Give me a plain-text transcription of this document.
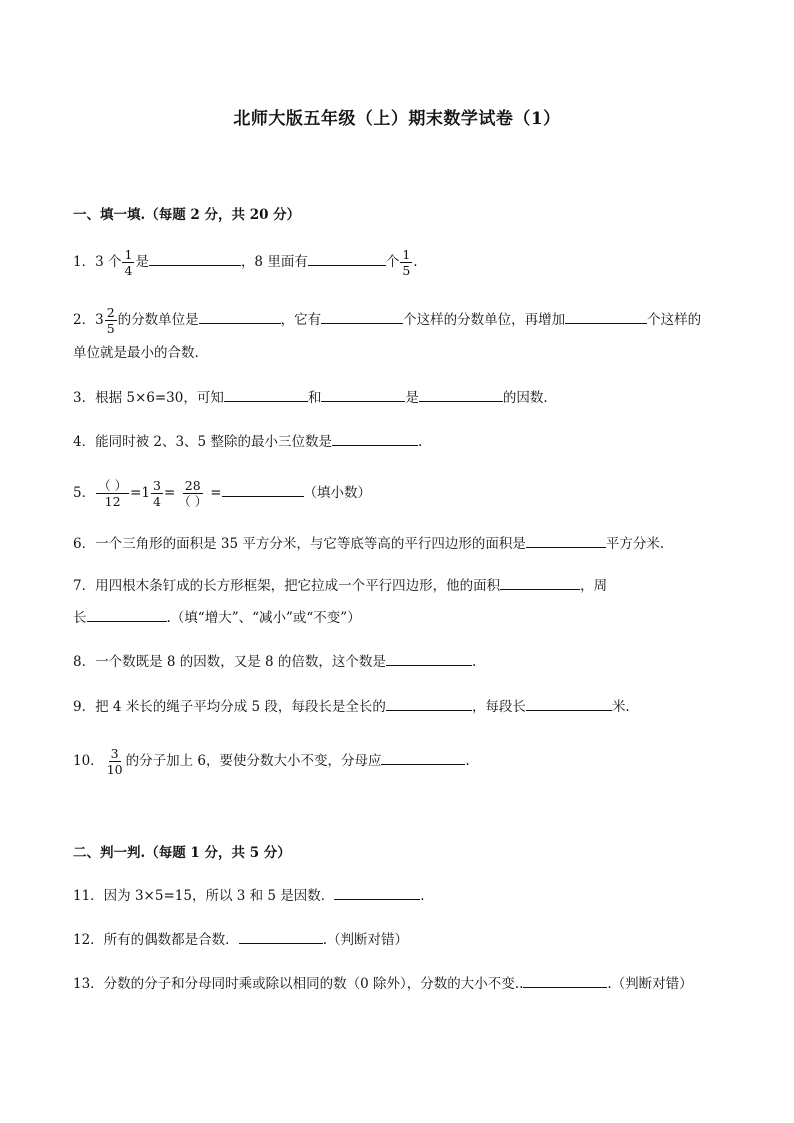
北师大版五年级（上）期末数学试卷（1）
一、填一填.（每题 2 分，共 20 分）
1．3 个 $\frac{1}{4}$ 是	，8 里面有	个 $\frac{1}{5}$ .
2．$3 \frac{2}{5}$ 的分数单位是	，它有	个这样的分数单位，再增加	个这样的
单位就是最小的合数.
3．根据 5×6=30，可知	和	是	的因数.
4．能同时被 2、3、5 整除的最小三位数是	.
5． $\frac{( )}{12} =1 \frac{3}{4} = \frac{28}{( )}$ =	（填小数）
6．一个三角形的面积是 35 平方分米，与它等底等高的平行四边形的面积是	平方分米.
7．用四根木条钉成的长方形框架，把它拉成一个平行四边形，他的面积	，周
长	.（填“增大”、“减小”或“不变”）
8．一个数既是 8 的因数，又是 8 的倍数，这个数是	.
9．把 4 米长的绳子平均分成 5 段，每段长是全长的	，每段长	米.
10． $\frac{3}{10}$ 的分子加上 6，要使分数大小不变，分母应	.
二、判一判.（每题 1 分，共 5 分）
11．因为 3×5=15，所以 3 和 5 是因数．	.
12．所有的偶数都是合数．	.（判断对错）
13．分数的分子和分母同时乘或除以相同的数（0 除外），分数的大小不变..	.（判断对错）
